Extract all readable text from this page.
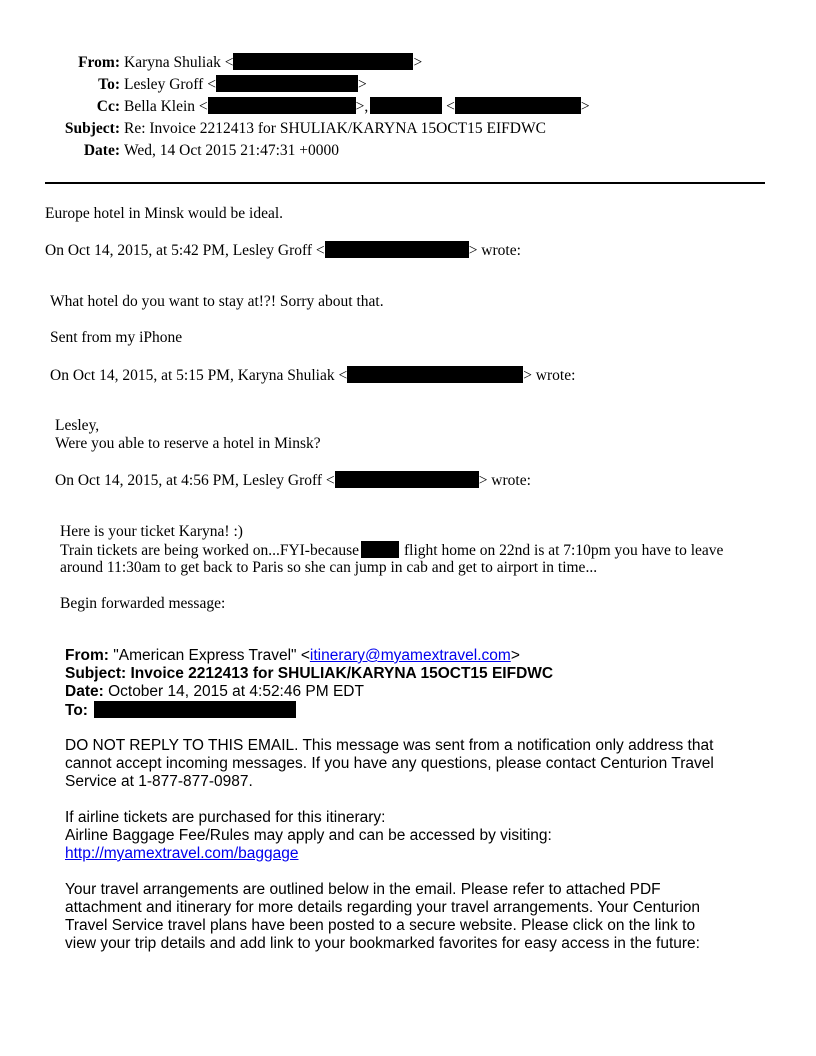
From: Karyna Shuliak <	>
To: Lesley Groff <	>
Cc: Bella Klein <	>,	<	>
Subject: Re: Invoice 2212413 for SHULIAK/KARYNA 15OCT15 EIFDWC
Date: Wed, 14 Oct 2015 21:47:31 +0000
Europe hotel in Minsk would be ideal.
On Oct 14, 2015, at 5:42 PM, Lesley Groff <	> wrote:
What hotel do you want to stay at!?! Sorry about that.
Sent from my iPhone
On Oct 14, 2015, at 5:15 PM, Karyna Shuliak <	> wrote:
Lesley,
Were you able to reserve a hotel in Minsk?
On Oct 14, 2015, at 4:56 PM, Lesley Groff <	> wrote:
Here is your ticket Karyna! :)
Train tickets are being worked on...FYI-because	flight home on 22nd is at 7:10pm you have to leave
around 11:30am to get back to Paris so she can jump in cab and get to airport in time...
Begin forwarded message:
From: "American Express Travel" <itinerary@myamextravel.com>
Subject: Invoice 2212413 for SHULIAK/KARYNA 15OCT15 EIFDWC
Date: October 14, 2015 at 4:52:46 PM EDT
To:
DO NOT REPLY TO THIS EMAIL. This message was sent from a notification only address that
cannot accept incoming messages. If you have any questions, please contact Centurion Travel
Service at 1-877-877-0987.
If airline tickets are purchased for this itinerary:
Airline Baggage Fee/Rules may apply and can be accessed by visiting:
http://myamextravel.com/baggage
Your travel arrangements are outlined below in the email. Please refer to attached PDF
attachment and itinerary for more details regarding your travel arrangements. Your Centurion
Travel Service travel plans have been posted to a secure website. Please click on the link to
view your trip details and add link to your bookmarked favorites for easy access in the future:
